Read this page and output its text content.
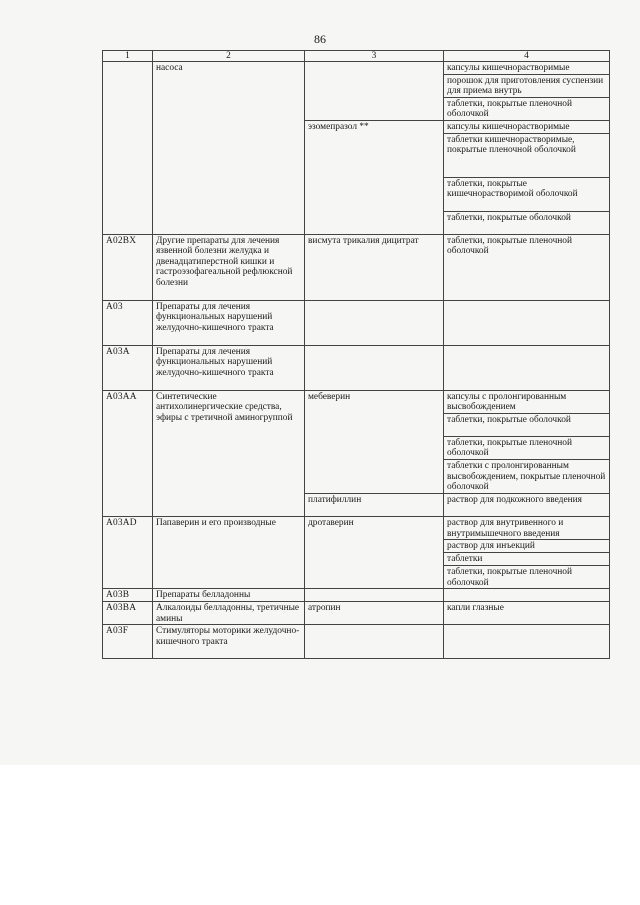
86
1	2	3	4
	насоса		капсулы кишечнорастворимые
			порошок для приготовления суспензии для приема внутрь
			таблетки, покрытые пленочной оболочкой
		эзомепразол **	капсулы кишечнорастворимые
			таблетки кишечнорастворимые, покрытые пленочной оболочкой
			таблетки, покрытые кишечнорастворимой оболочкой
			таблетки, покрытые оболочкой
A02BX	Другие препараты для лечения язвенной болезни желудка и двенадцатиперстной кишки и гастроэзофагеальной рефлюксной болезни	висмута трикалия дицитрат	таблетки, покрытые пленочной оболочкой
A03	Препараты для лечения функциональных нарушений желудочно-кишечного тракта		
A03A	Препараты для лечения функциональных нарушений желудочно-кишечного тракта		
A03AA	Синтетические антихолинергические средства, эфиры с третичной аминогруппой	мебеверин	капсулы с пролонгированным высвобождением
			таблетки, покрытые оболочкой
			таблетки, покрытые пленочной оболочкой
			таблетки с пролонгированным высвобождением, покрытые пленочной оболочкой
		платифиллин	раствор для подкожного введения
A03AD	Папаверин и его производные	дротаверин	раствор для внутривенного и внутримышечного введения
			раствор для инъекций
			таблетки
			таблетки, покрытые пленочной оболочкой
A03B	Препараты белладонны		
A03BA	Алкалоиды белладонны, третичные амины	атропин	капли глазные
A03F	Стимуляторы моторики желудочно-кишечного тракта		
